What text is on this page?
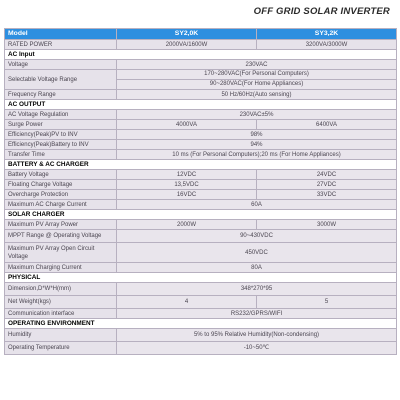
OFF GRID SOLAR INVERTER
Model	SY2,0K	SY3,2K
RATED POWER	2000VA/1600W	3200VA/3000W
AC Input		
Voltage	230VAC	
Selectable Voltage Range	170~280VAC(For Personal Computers)
90~280VAC(For Home Appliances)	

Frequency Range	50 Hz/60Hz(Auto sensing)	
AC OUTPUT		
AC Voltage Regulation	230VAC±5%	
Surge Power	4000VA	6400VA
Efficiency(Peak)PV to INV	98%	
Efficiency(Peak)Battery to INV	94%	
Transfer Time	10 ms (For Personal Computers);20 ms (For Home Appliances)	
BATTERY & AC CHARGER		
Battery Voltage	12VDC	24VDC
Floating Charge Voltage	13,5VDC	27VDC
Overcharge Protection	16VDC	33VDC
Maximum AC Charge Current	60A	
SOLAR CHARGER		
Maximum PV Array Power	2000W	3000W
MPPT Range @ Operating Voltage	90~430VDC	
Maximum PV Array Open Circuit Voltage	450VDC	
Maximum Charging Current	80A	
PHYSICAL		
Dimension,D*W*H(mm)	348*270*95	
Net Weight(kgs)	4	5
Communication interface	RS232/GPRS/WIFI	
OPERATING ENVIRONMENT		
Humidity	5% to 95% Relative Humidity(Non-condensing)	
Operating Temperature	-10~50℃	
